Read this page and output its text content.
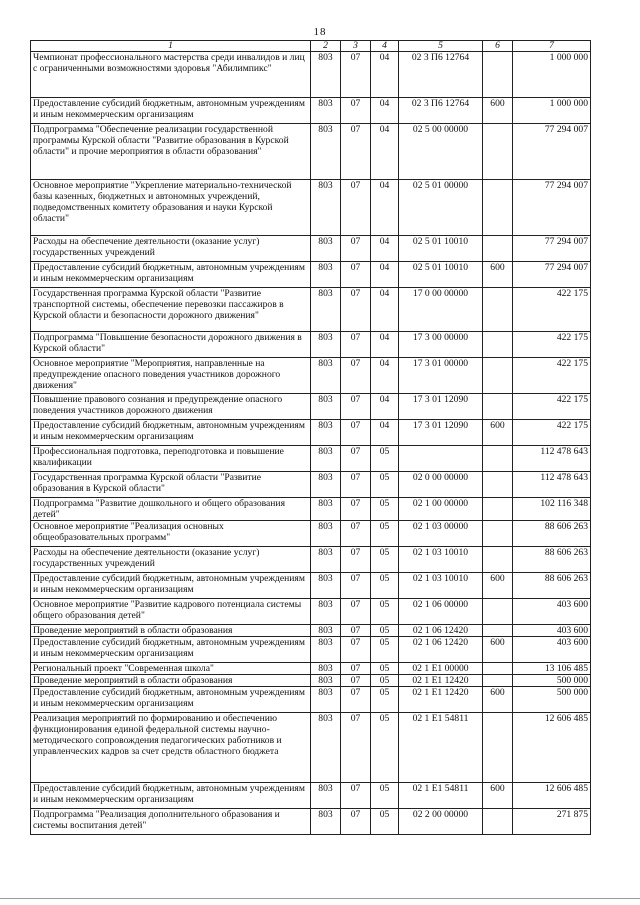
18
1	2	3	4	5	6	7
Чемпионат профессионального мастерства среди инвалидов и лиц с ограниченными возможностями здоровья "Абилимпикс"	803	07	04	02 3 П6 12764		1 000 000
Предоставление субсидий бюджетным, автономным учреждениям и иным некоммерческим организациям	803	07	04	02 3 П6 12764	600	1 000 000
Подпрограмма "Обеспечение реализации государственной программы Курской области "Развитие образования в Курской области" и прочие мероприятия в области образования"	803	07	04	02 5 00 00000		77 294 007
Основное мероприятие "Укрепление материально-технической базы казенных, бюджетных и автономных учреждений, подведомственных комитету образования и науки Курской области"	803	07	04	02 5 01 00000		77 294 007
Расходы на обеспечение деятельности (оказание услуг) государственных учреждений	803	07	04	02 5 01 10010		77 294 007
Предоставление субсидий бюджетным, автономным учреждениям и иным некоммерческим организациям	803	07	04	02 5 01 10010	600	77 294 007
Государственная программа Курской области "Развитие транспортной системы, обеспечение перевозки пассажиров в Курской области и безопасности дорожного движения"	803	07	04	17 0 00 00000		422 175
Подпрограмма "Повышение безопасности дорожного движения в Курской области"	803	07	04	17 3 00 00000		422 175
Основное мероприятие "Мероприятия, направленные на предупреждение опасного поведения участников дорожного движения"	803	07	04	17 3 01 00000		422 175
Повышение правового сознания и предупреждение опасного поведения участников дорожного движения	803	07	04	17 3 01 12090		422 175
Предоставление субсидий бюджетным, автономным учреждениям и иным некоммерческим организациям	803	07	04	17 3 01 12090	600	422 175
Профессиональная подготовка, переподготовка и повышение квалификации	803	07	05			112 478 643
Государственная программа Курской области "Развитие образования в Курской области"	803	07	05	02 0 00 00000		112 478 643
Подпрограмма "Развитие дошкольного и общего образования детей"	803	07	05	02 1 00 00000		102 116 348
Основное мероприятие "Реализация основных общеобразовательных программ"	803	07	05	02 1 03 00000		88 606 263
Расходы на обеспечение деятельности (оказание услуг) государственных учреждений	803	07	05	02 1 03 10010		88 606 263
Предоставление субсидий бюджетным, автономным учреждениям и иным некоммерческим организациям	803	07	05	02 1 03 10010	600	88 606 263
Основное мероприятие "Развитие кадрового потенциала системы общего образования детей"	803	07	05	02 1 06 00000		403 600
Проведение мероприятий в области образования	803	07	05	02 1 06 12420		403 600
Предоставление субсидий бюджетным, автономным учреждениям и иным некоммерческим организациям	803	07	05	02 1 06 12420	600	403 600
Региональный проект "Современная школа"	803	07	05	02 1 E1 00000		13 106 485
Проведение мероприятий в области образования	803	07	05	02 1 E1 12420		500 000
Предоставление субсидий бюджетным, автономным учреждениям и иным некоммерческим организациям	803	07	05	02 1 E1 12420	600	500 000
Реализация мероприятий по формированию и обеспечению функционирования единой федеральной системы научно-методического сопровождения педагогических работников и управленческих кадров за счет средств областного бюджета	803	07	05	02 1 E1 54811		12 606 485
Предоставление субсидий бюджетным, автономным учреждениям и иным некоммерческим организациям	803	07	05	02 1 E1 54811	600	12 606 485
Подпрограмма "Реализация дополнительного образования и системы воспитания детей"	803	07	05	02 2 00 00000		271 875
